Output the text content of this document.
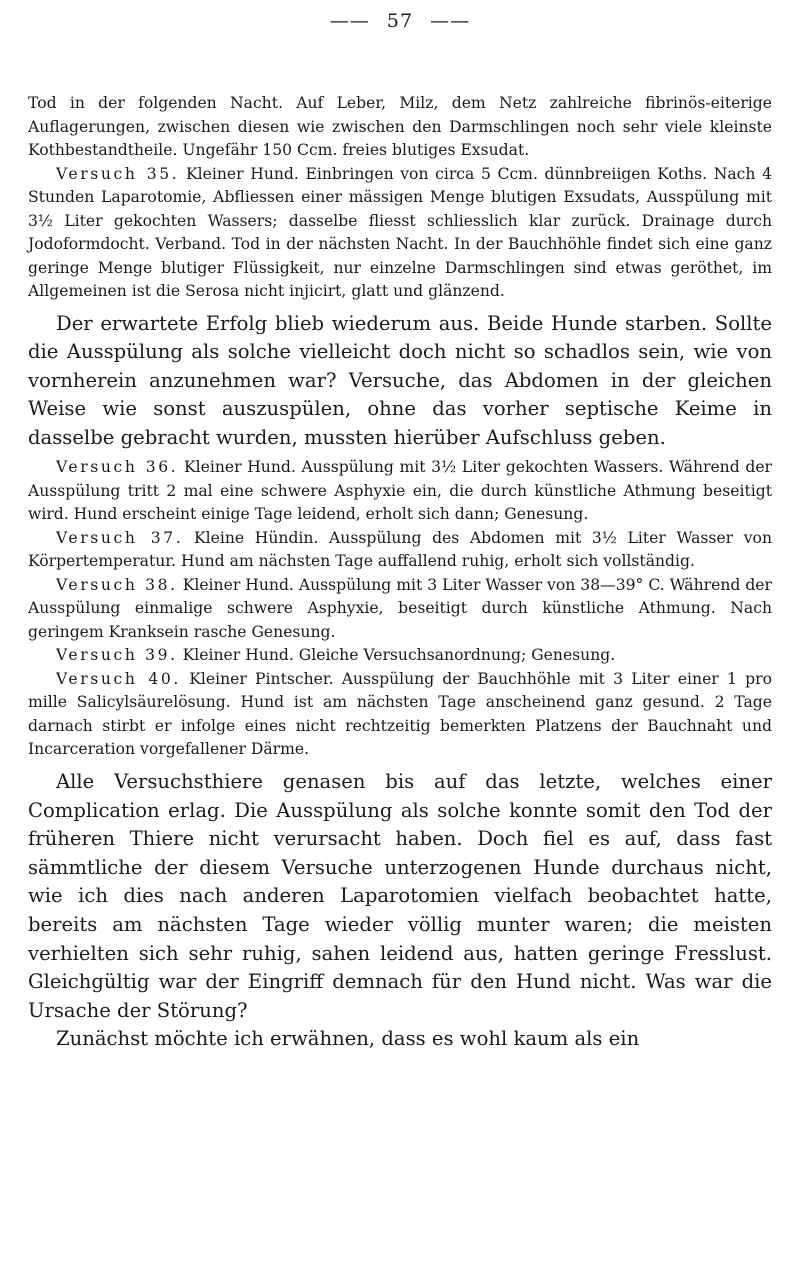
—— 57 ——

Tod in der folgenden Nacht. Auf Leber, Milz, dem Netz zahlreiche fibrinös-eiterige Auflagerungen, zwischen diesen wie zwischen den Darmschlingen noch sehr viele kleinste Kothbestandtheile. Ungefähr 150 Ccm. freies blutiges Exsudat.

Versuch 35. Kleiner Hund. Einbringen von circa 5 Ccm. dünnbreiigen Koths. Nach 4 Stunden Laparotomie, Abfliessen einer mässigen Menge blutigen Exsudats, Ausspülung mit 3½ Liter gekochten Wassers; dasselbe fliesst schliesslich klar zurück. Drainage durch Jodoformdocht. Verband. Tod in der nächsten Nacht. In der Bauchhöhle findet sich eine ganz geringe Menge blutiger Flüssigkeit, nur einzelne Darmschlingen sind etwas geröthet, im Allgemeinen ist die Serosa nicht injicirt, glatt und glänzend.

Der erwartete Erfolg blieb wiederum aus. Beide Hunde starben. Sollte die Ausspülung als solche vielleicht doch nicht so schadlos sein, wie von vornherein anzunehmen war? Versuche, das Abdomen in der gleichen Weise wie sonst auszuspülen, ohne das vorher septische Keime in dasselbe gebracht wurden, mussten hierüber Aufschluss geben.

Versuch 36. Kleiner Hund. Ausspülung mit 3½ Liter gekochten Wassers. Während der Ausspülung tritt 2 mal eine schwere Asphyxie ein, die durch künstliche Athmung beseitigt wird. Hund erscheint einige Tage leidend, erholt sich dann; Genesung.

Versuch 37. Kleine Hündin. Ausspülung des Abdomen mit 3½ Liter Wasser von Körpertemperatur. Hund am nächsten Tage auffallend ruhig, erholt sich vollständig.

Versuch 38. Kleiner Hund. Ausspülung mit 3 Liter Wasser von 38—39° C. Während der Ausspülung einmalige schwere Asphyxie, beseitigt durch künstliche Athmung. Nach geringem Kranksein rasche Genesung.

Versuch 39. Kleiner Hund. Gleiche Versuchsanordnung; Genesung.

Versuch 40. Kleiner Pintscher. Ausspülung der Bauchhöhle mit 3 Liter einer 1 pro mille Salicylsäurelösung. Hund ist am nächsten Tage anscheinend ganz gesund. 2 Tage darnach stirbt er infolge eines nicht rechtzeitig bemerkten Platzens der Bauchnaht und Incarceration vorgefallener Därme.

Alle Versuchsthiere genasen bis auf das letzte, welches einer Complication erlag. Die Ausspülung als solche konnte somit den Tod der früheren Thiere nicht verursacht haben. Doch fiel es auf, dass fast sämmtliche der diesem Versuche unterzogenen Hunde durchaus nicht, wie ich dies nach anderen Laparotomien vielfach beobachtet hatte, bereits am nächsten Tage wieder völlig munter waren; die meisten verhielten sich sehr ruhig, sahen leidend aus, hatten geringe Fresslust. Gleichgültig war der Eingriff demnach für den Hund nicht. Was war die Ursache der Störung?

Zunächst möchte ich erwähnen, dass es wohl kaum als ein
